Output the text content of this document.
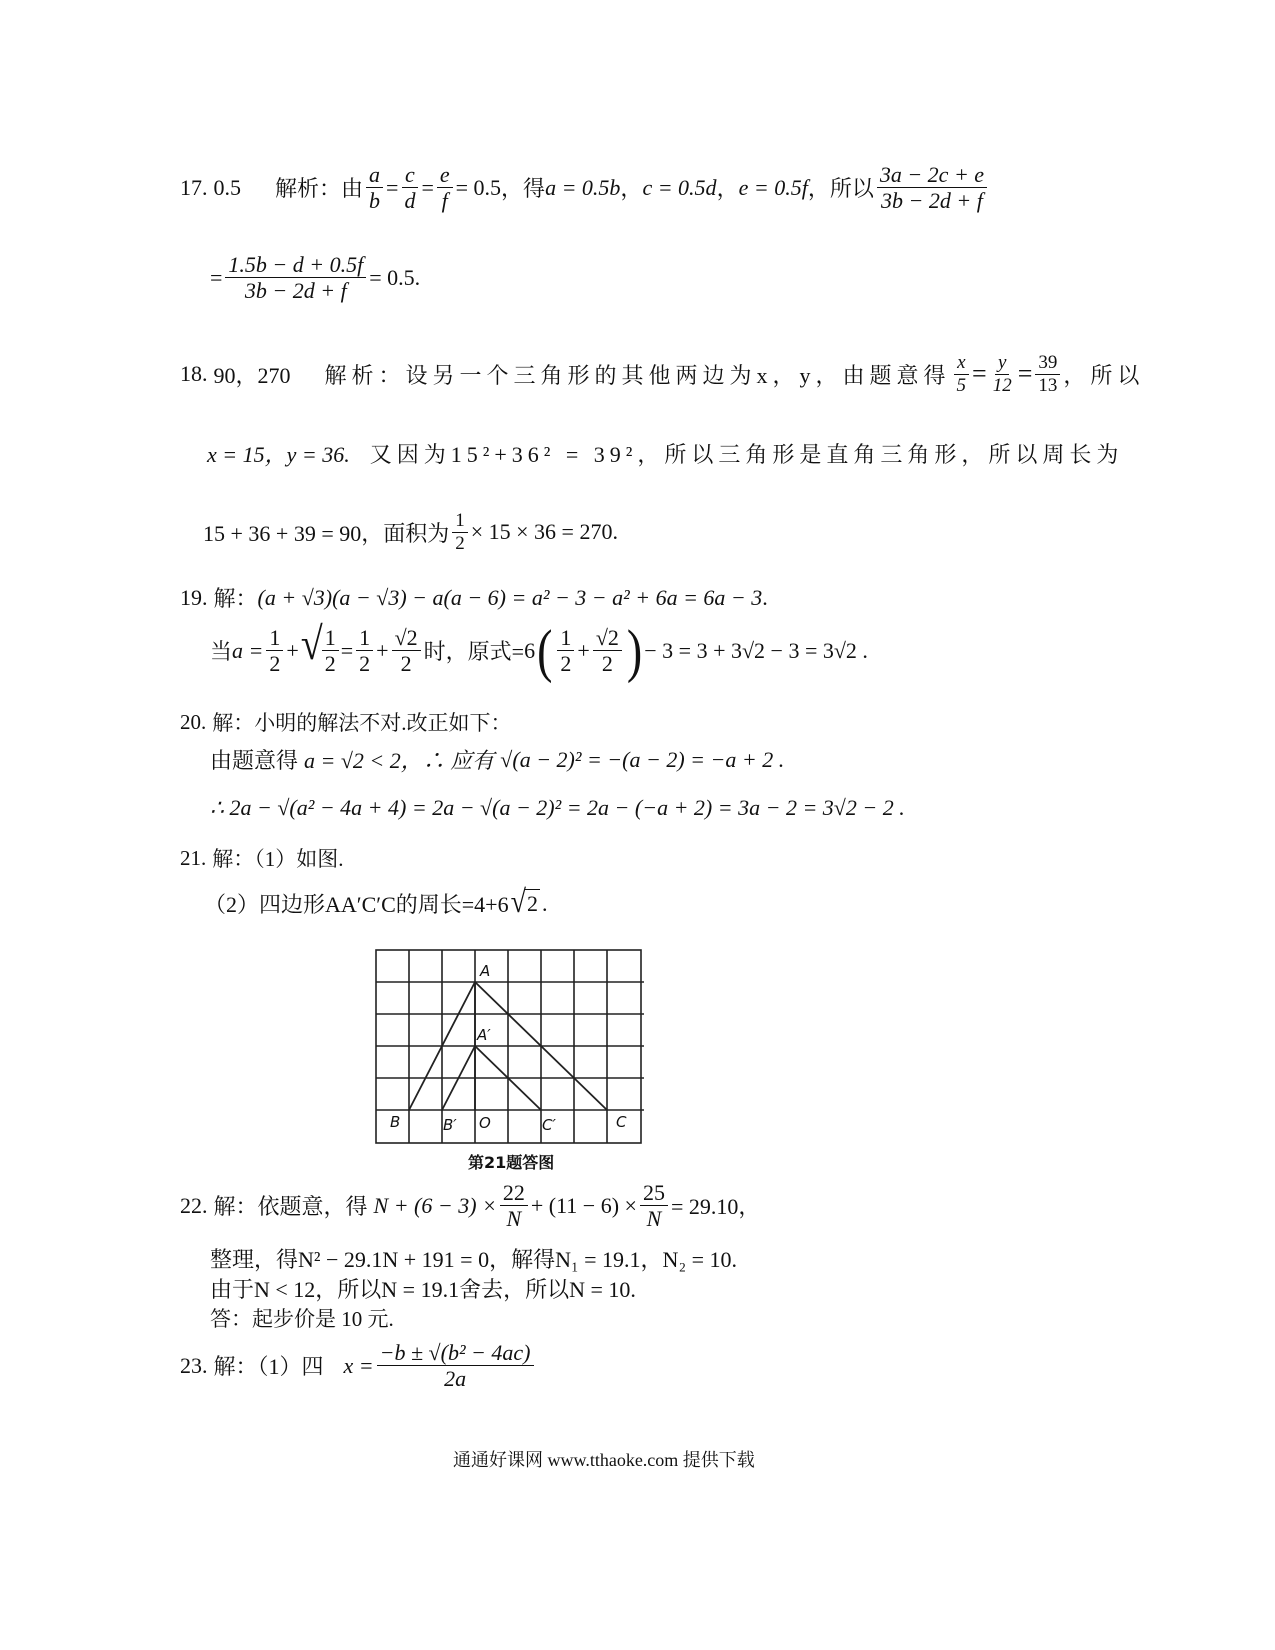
17. 0.5 解析：由 $\frac{a}{b} = \frac{c}{d} = \frac{e}{f} = 0.5$ ，得 a = 0.5b ， c = 0.5d ， e = 0.5f ，所以 $\frac{3a - 2c + e}{3b - 2d + f}$
= $\frac{1.5b - d + 0.5f}{3b - 2d + f} = 0.5$.
18. 90，270 解析：设另一个三角形的其他两边为x，y，由题意得 $\frac{x}{5} = \frac{y}{12} = \frac{39}{13}$ ，所以
x = 15，y = 36. 又因为15²+36² = 39²，所以三角形是直角三角形，所以周长为
15 + 36 + 39 = 90，面积为 $\frac{1}{2} \times 15 \times 36 = 270$.
19. 解： (a + √3)(a − √3) − a(a − 6) = a² − 3 − a² + 6a = 6a − 3 .
当 $a = \frac{1}{2}$ + √ $\frac{1}{2} = \frac{1}{2} + \frac{√2}{2}$ 时，原式= 6 ( $\frac{1}{2} + \frac{√2}{2}$ ) − 3 = 3 + 3√2 − 3 = 3√2 .
20. 解：小明的解法不对.改正如下：
由题意得 a = √2 < 2，∴ 应有 √(a − 2)² = −(a − 2) = −a + 2 .
∴ 2a − √(a² − 4a + 4) = 2a − √(a − 2)² = 2a − (−a + 2) = 3a − 2 = 3√2 − 2 .
21. 解：（1）如图.
（2）四边形AA′C′C的周长=4+6 √ 2 .
A
A′
B	B′ O	C′	C
第21题答图
22. 解：依题意，得 $N + (6 - 3) \times \frac{22}{N} + (11 - 6) \times \frac{25}{N} = 29.10$，
整理，得N² − 29.1N + 191 = 0，解得N₁ = 19.1，N₂ = 10.
由于N < 12，所以N = 19.1舍去，所以N = 10.
答：起步价是 10 元.
23. 解：（1）四 $x = \frac{\text{−b ± √(b² − 4ac)}}{2a}$
通通好课网 www.tthaoke.com 提供下载
